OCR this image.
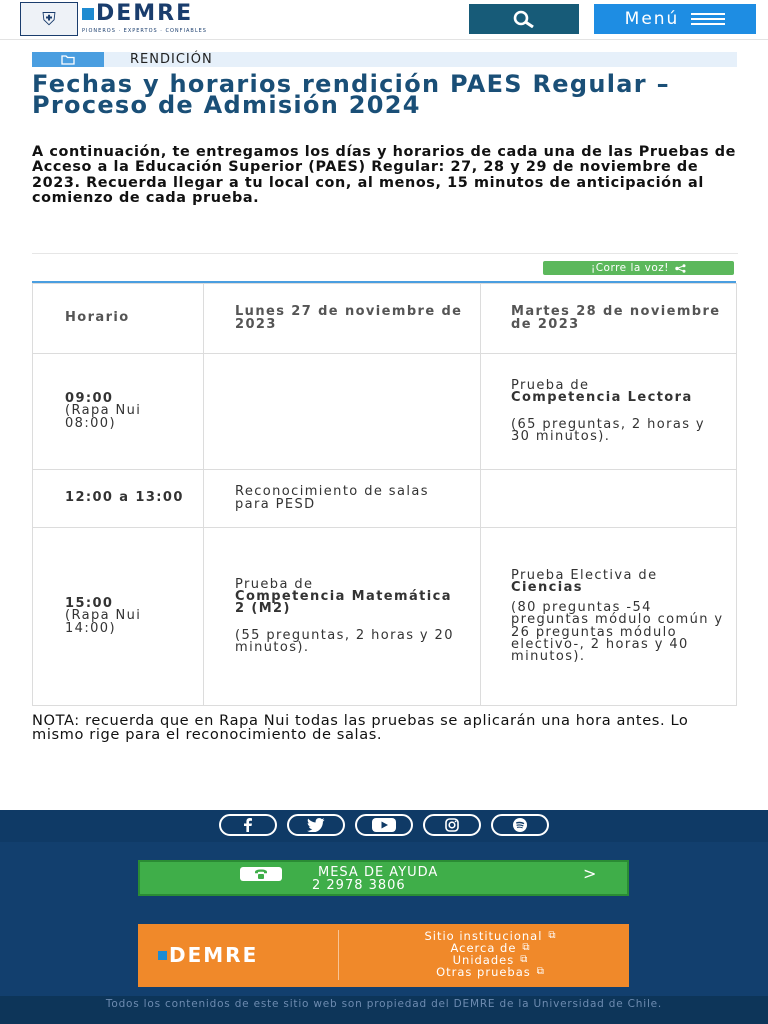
⛨	DEMRE
PIONEROS · EXPERTOS · CONFIABLES
Menú
RENDICIÓN
Fechas y horarios rendición PAES Regular – Proceso de Admisión 2024

A continuación, te entregamos los días y horarios de cada una de las Pruebas de Acceso a la Educación Superior (PAES) Regular: 27, 28 y 29 de noviembre de 2023. Recuerda llegar a tu local con, al menos, 15 minutos de anticipación al comienzo de cada prueba.

¡Corre la voz!
Horario	Lunes 27 de noviembre de 2023	Martes 28 de noviembre de 2023

09:00
(Rapa Nui 08:00)		Prueba de
Competencia Lectora
(65 preguntas, 2 horas y 30 minutos).

12:00 a 13:00	Reconocimiento de salas para PESD	

15:00
(Rapa Nui 14:00)	Prueba de
Competencia Matemática 2 (M2)
(55 preguntas, 2 horas y 20 minutos).	Prueba Electiva de
Ciencias
(80 preguntas -54 preguntas módulo común y 26 preguntas módulo electivo-, 2 horas y 40 minutos).

NOTA: recuerda que en Rapa Nui todas las pruebas se aplicarán una hora antes. Lo mismo rige para el reconocimiento de salas.

MESA DE AYUDA
2 2978 3806
>
DEMRE
Sitio institucional ⧉
Acerca de ⧉
Unidades ⧉
Otras pruebas ⧉
Todos los contenidos de este sitio web son propiedad del DEMRE de la Universidad de Chile.
